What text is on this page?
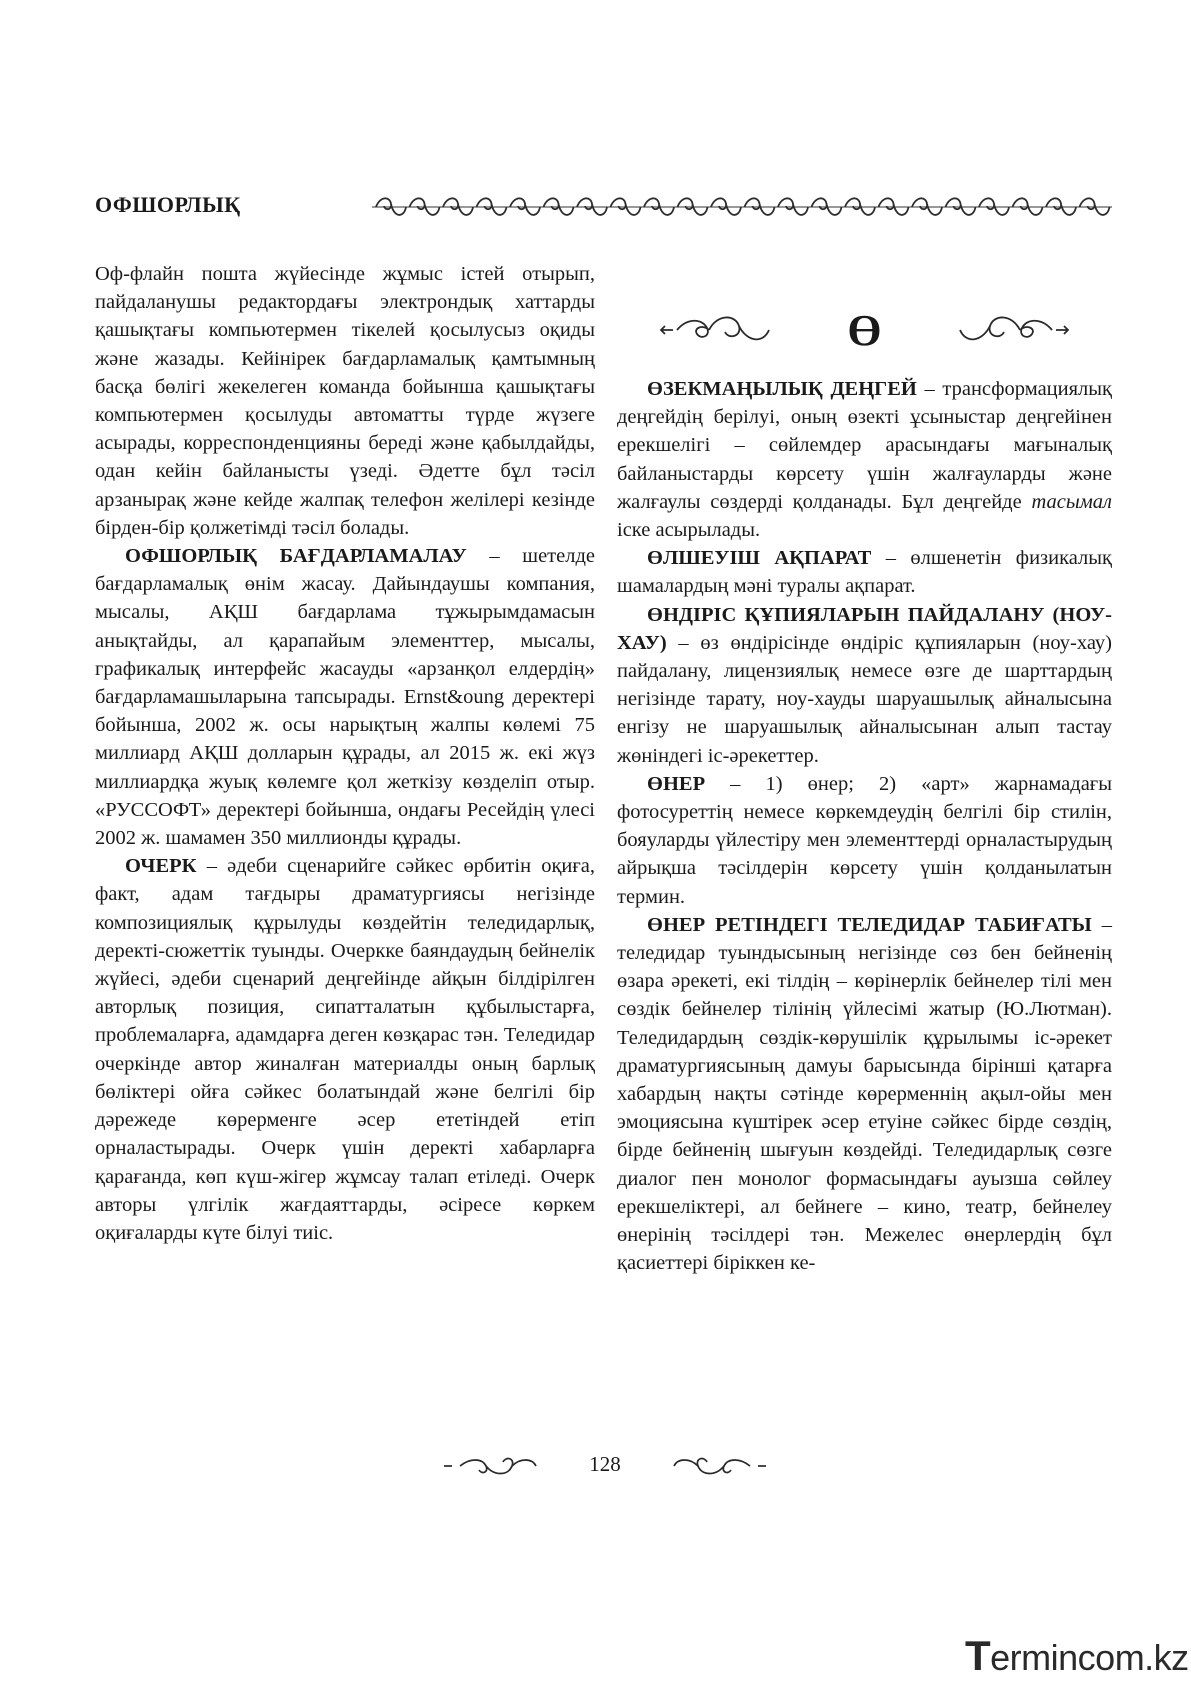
ОФШОРЛЫҚ

Оф-флайн пошта жүйесінде жұмыс істей отырып, пайдаланушы редактордағы электрондық хаттарды қашықтағы компьютермен тікелей қосылусыз оқиды және жазады. Кейінірек бағдарламалық қамтымның басқа бөлігі жекелеген команда бойынша қашықтағы компьютермен қосылуды автоматты түрде жүзеге асырады, корреспонденцияны береді және қабылдайды, одан кейін байланысты үзеді. Әдетте бұл тәсіл арзанырақ және кейде жалпақ телефон желілері кезінде бірден-бір қолжетімді тәсіл болады.

ОФШОРЛЫҚ БАҒДАРЛАМАЛАУ – шетелде бағдарламалық өнім жасау. Дайындаушы компания, мысалы, АҚШ бағдарлама тұжырымдамасын анықтайды, ал қарапайым элементтер, мысалы, графикалық интерфейс жасауды «арзанқол елдердің» бағдарламашыларына тапсырады. Ernst&oung деректері бойынша, 2002 ж. осы нарықтың жалпы көлемі 75 миллиард АҚШ долларын құрады, ал 2015 ж. екі жүз миллиардқа жуық көлемге қол жеткізу көзделіп отыр. «РУССОФТ» деректері бойынша, ондағы Ресейдің үлесі 2002 ж. шамамен 350 миллионды құрады.

ОЧЕРК – әдеби сценарийге сәйкес өрбитін оқиға, факт, адам тағдыры драматургиясы негізінде композициялық құрылуды көздейтін теледидарлық, деректі-сюжеттік туынды. Очеркке баяндаудың бейнелік жүйесі, әдеби сценарий деңгейінде айқын білдірілген авторлық позиция, сипатталатын құбылыстарға, проблемаларға, адамдарға деген көзқарас тән. Теледидар очеркінде автор жиналған материалды оның барлық бөліктері ойға сәйкес болатындай және белгілі бір дәрежеде көрерменге әсер ететіндей етіп орналастырады. Очерк үшін деректі хабарларға қарағанда, көп күш-жігер жұмсау талап етіледі. Очерк авторы үлгілік жағдаяттарды, әсіресе көркем оқиғаларды күте білуі тиіс.

Ө

ӨЗЕКМАҢЫЛЫҚ ДЕҢГЕЙ – трансформациялық деңгейдің берілуі, оның өзекті ұсыныстар деңгейінен ерекшелігі – сөйлемдер арасындағы мағыналық байланыстарды көрсету үшін жалғауларды және жалғаулы сөздерді қолданады. Бұл деңгейде тасымал іске асырылады.

ӨЛШЕУІШ АҚПАРАТ – өлшенетін физикалық шамалардың мәні туралы ақпарат.

ӨНДІРІС ҚҰПИЯЛАРЫН ПАЙДАЛАНУ (НОУ-ХАУ) – өз өндірісінде өндіріс құпияларын (ноу-хау) пайдалану, лицензиялық немесе өзге де шарттардың негізінде тарату, ноу-хауды шаруашылық айналысына енгізу не шаруашылық айналысынан алып тастау жөніндегі іс-әрекеттер.

ӨНЕР – 1) өнер; 2) «арт» жарнамадағы фотосуреттің немесе көркемдеудің белгілі бір стилін, бояуларды үйлестіру мен элементтерді орналастырудың айрықша тәсілдерін көрсету үшін қолданылатын термин.

ӨНЕР РЕТІНДЕГІ ТЕЛЕДИДАР ТАБИҒАТЫ – теледидар туындысының негізінде сөз бен бейненің өзара әрекеті, екі тілдің – көрінерлік бейнелер тілі мен сөздік бейнелер тілінің үйлесімі жатыр (Ю.Лютман). Теледидардың сөздік-көрушілік құрылымы іс-әрекет драматургиясының дамуы барысында бірінші қатарға хабардың нақты сәтінде көрерменнің ақыл-ойы мен эмоциясына күштірек әсер етуіне сәйкес бірде сөздің, бірде бейненің шығуын көздейді. Теледидарлық сөзге диалог пен монолог формасындағы ауызша сөйлеу ерекшеліктері, ал бейнеге – кино, театр, бейнелеу өнерінің тәсілдері тән. Межелес өнерлердің бұл қасиеттері біріккен ке-

128
Termincom.kz
